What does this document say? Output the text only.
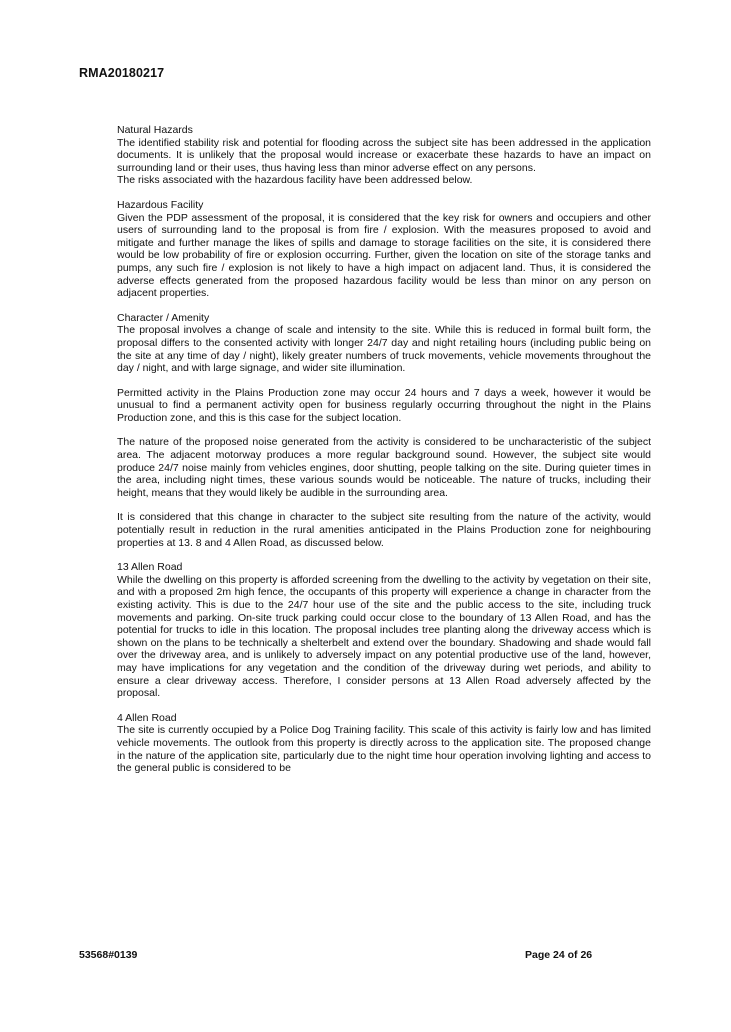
RMA20180217
Natural Hazards

The identified stability risk and potential for flooding across the subject site has been addressed in the application documents. It is unlikely that the proposal would increase or exacerbate these hazards to have an impact on surrounding land or their uses, thus having less than minor adverse effect on any persons.

The risks associated with the hazardous facility have been addressed below.

Hazardous Facility

Given the PDP assessment of the proposal, it is considered that the key risk for owners and occupiers and other users of surrounding land to the proposal is from fire / explosion. With the measures proposed to avoid and mitigate and further manage the likes of spills and damage to storage facilities on the site, it is considered there would be low probability of fire or explosion occurring. Further, given the location on site of the storage tanks and pumps, any such fire / explosion is not likely to have a high impact on adjacent land. Thus, it is considered the adverse effects generated from the proposed hazardous facility would be less than minor on any person on adjacent properties.

Character / Amenity

The proposal involves a change of scale and intensity to the site. While this is reduced in formal built form, the proposal differs to the consented activity with longer 24/7 day and night retailing hours (including public being on the site at any time of day / night), likely greater numbers of truck movements, vehicle movements throughout the day / night, and with large signage, and wider site illumination.

Permitted activity in the Plains Production zone may occur 24 hours and 7 days a week, however it would be unusual to find a permanent activity open for business regularly occurring throughout the night in the Plains Production zone, and this is this case for the subject location.

The nature of the proposed noise generated from the activity is considered to be uncharacteristic of the subject area. The adjacent motorway produces a more regular background sound. However, the subject site would produce 24/7 noise mainly from vehicles engines, door shutting, people talking on the site. During quieter times in the area, including night times, these various sounds would be noticeable. The nature of trucks, including their height, means that they would likely be audible in the surrounding area.

It is considered that this change in character to the subject site resulting from the nature of the activity, would potentially result in reduction in the rural amenities anticipated in the Plains Production zone for neighbouring properties at 13. 8 and 4 Allen Road, as discussed below.

13 Allen Road

While the dwelling on this property is afforded screening from the dwelling to the activity by vegetation on their site, and with a proposed 2m high fence, the occupants of this property will experience a change in character from the existing activity. This is due to the 24/7 hour use of the site and the public access to the site, including truck movements and parking. On-site truck parking could occur close to the boundary of 13 Allen Road, and has the potential for trucks to idle in this location. The proposal includes tree planting along the driveway access which is shown on the plans to be technically a shelterbelt and extend over the boundary. Shadowing and shade would fall over the driveway area, and is unlikely to adversely impact on any potential productive use of the land, however, may have implications for any vegetation and the condition of the driveway during wet periods, and ability to ensure a clear driveway access. Therefore, I consider persons at 13 Allen Road adversely affected by the proposal.

4 Allen Road

The site is currently occupied by a Police Dog Training facility. This scale of this activity is fairly low and has limited vehicle movements. The outlook from this property is directly across to the application site. The proposed change in the nature of the application site, particularly due to the night time hour operation involving lighting and access to the general public is considered to be

53568#0139	Page 24 of 26
